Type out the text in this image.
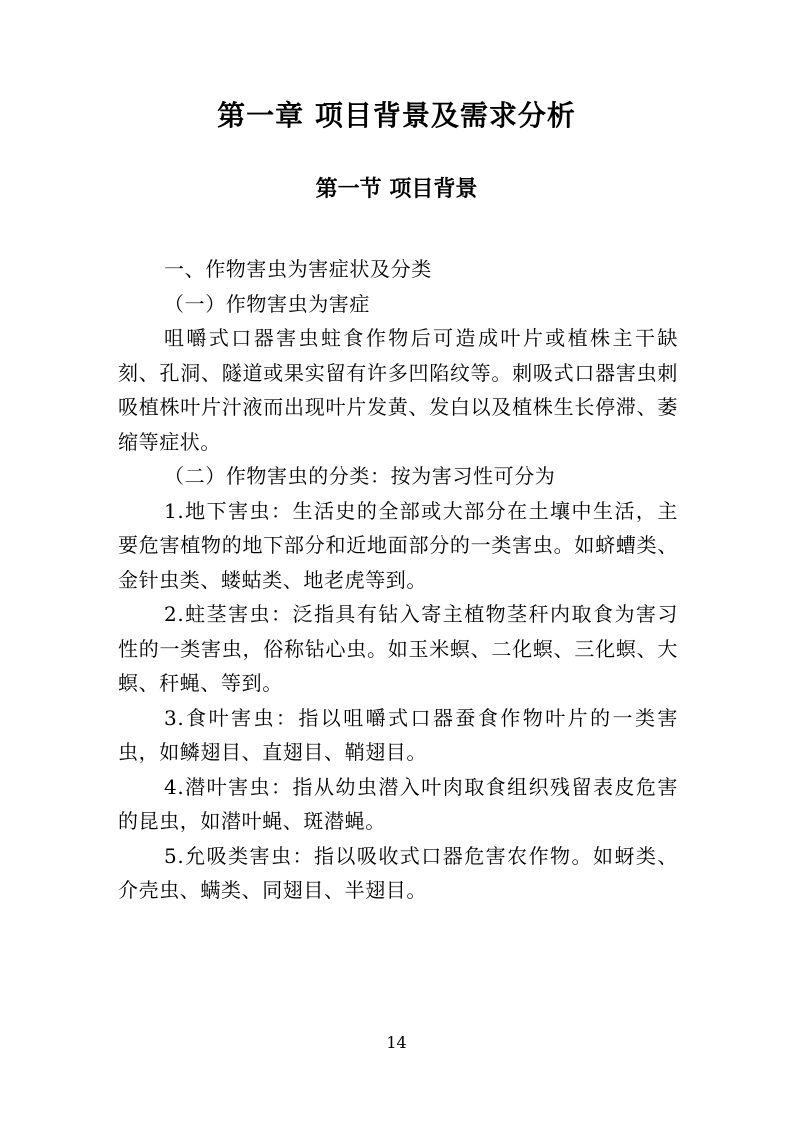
第一章 项目背景及需求分析
第一节 项目背景

一、作物害虫为害症状及分类

（一）作物害虫为害症

咀嚼式口器害虫蛀食作物后可造成叶片或植株主干缺刻、孔洞、隧道或果实留有许多凹陷纹等。刺吸式口器害虫刺吸植株叶片汁液而出现叶片发黄、发白以及植株生长停滞、萎缩等症状。

（二）作物害虫的分类：按为害习性可分为

1.地下害虫：生活史的全部或大部分在土壤中生活，主要危害植物的地下部分和近地面部分的一类害虫。如蛴螬类、金针虫类、蝼蛄类、地老虎等到。

2.蛀茎害虫：泛指具有钻入寄主植物茎秆内取食为害习性的一类害虫，俗称钻心虫。如玉米螟、二化螟、三化螟、大螟、秆蝇、等到。

3.食叶害虫：指以咀嚼式口器蚕食作物叶片的一类害虫，如鳞翅目、直翅目、鞘翅目。

4.潜叶害虫：指从幼虫潜入叶肉取食组织残留表皮危害的昆虫，如潜叶蝇、斑潜蝇。

5.允吸类害虫：指以吸收式口器危害农作物。如蚜类、介壳虫、螨类、同翅目、半翅目。

14
